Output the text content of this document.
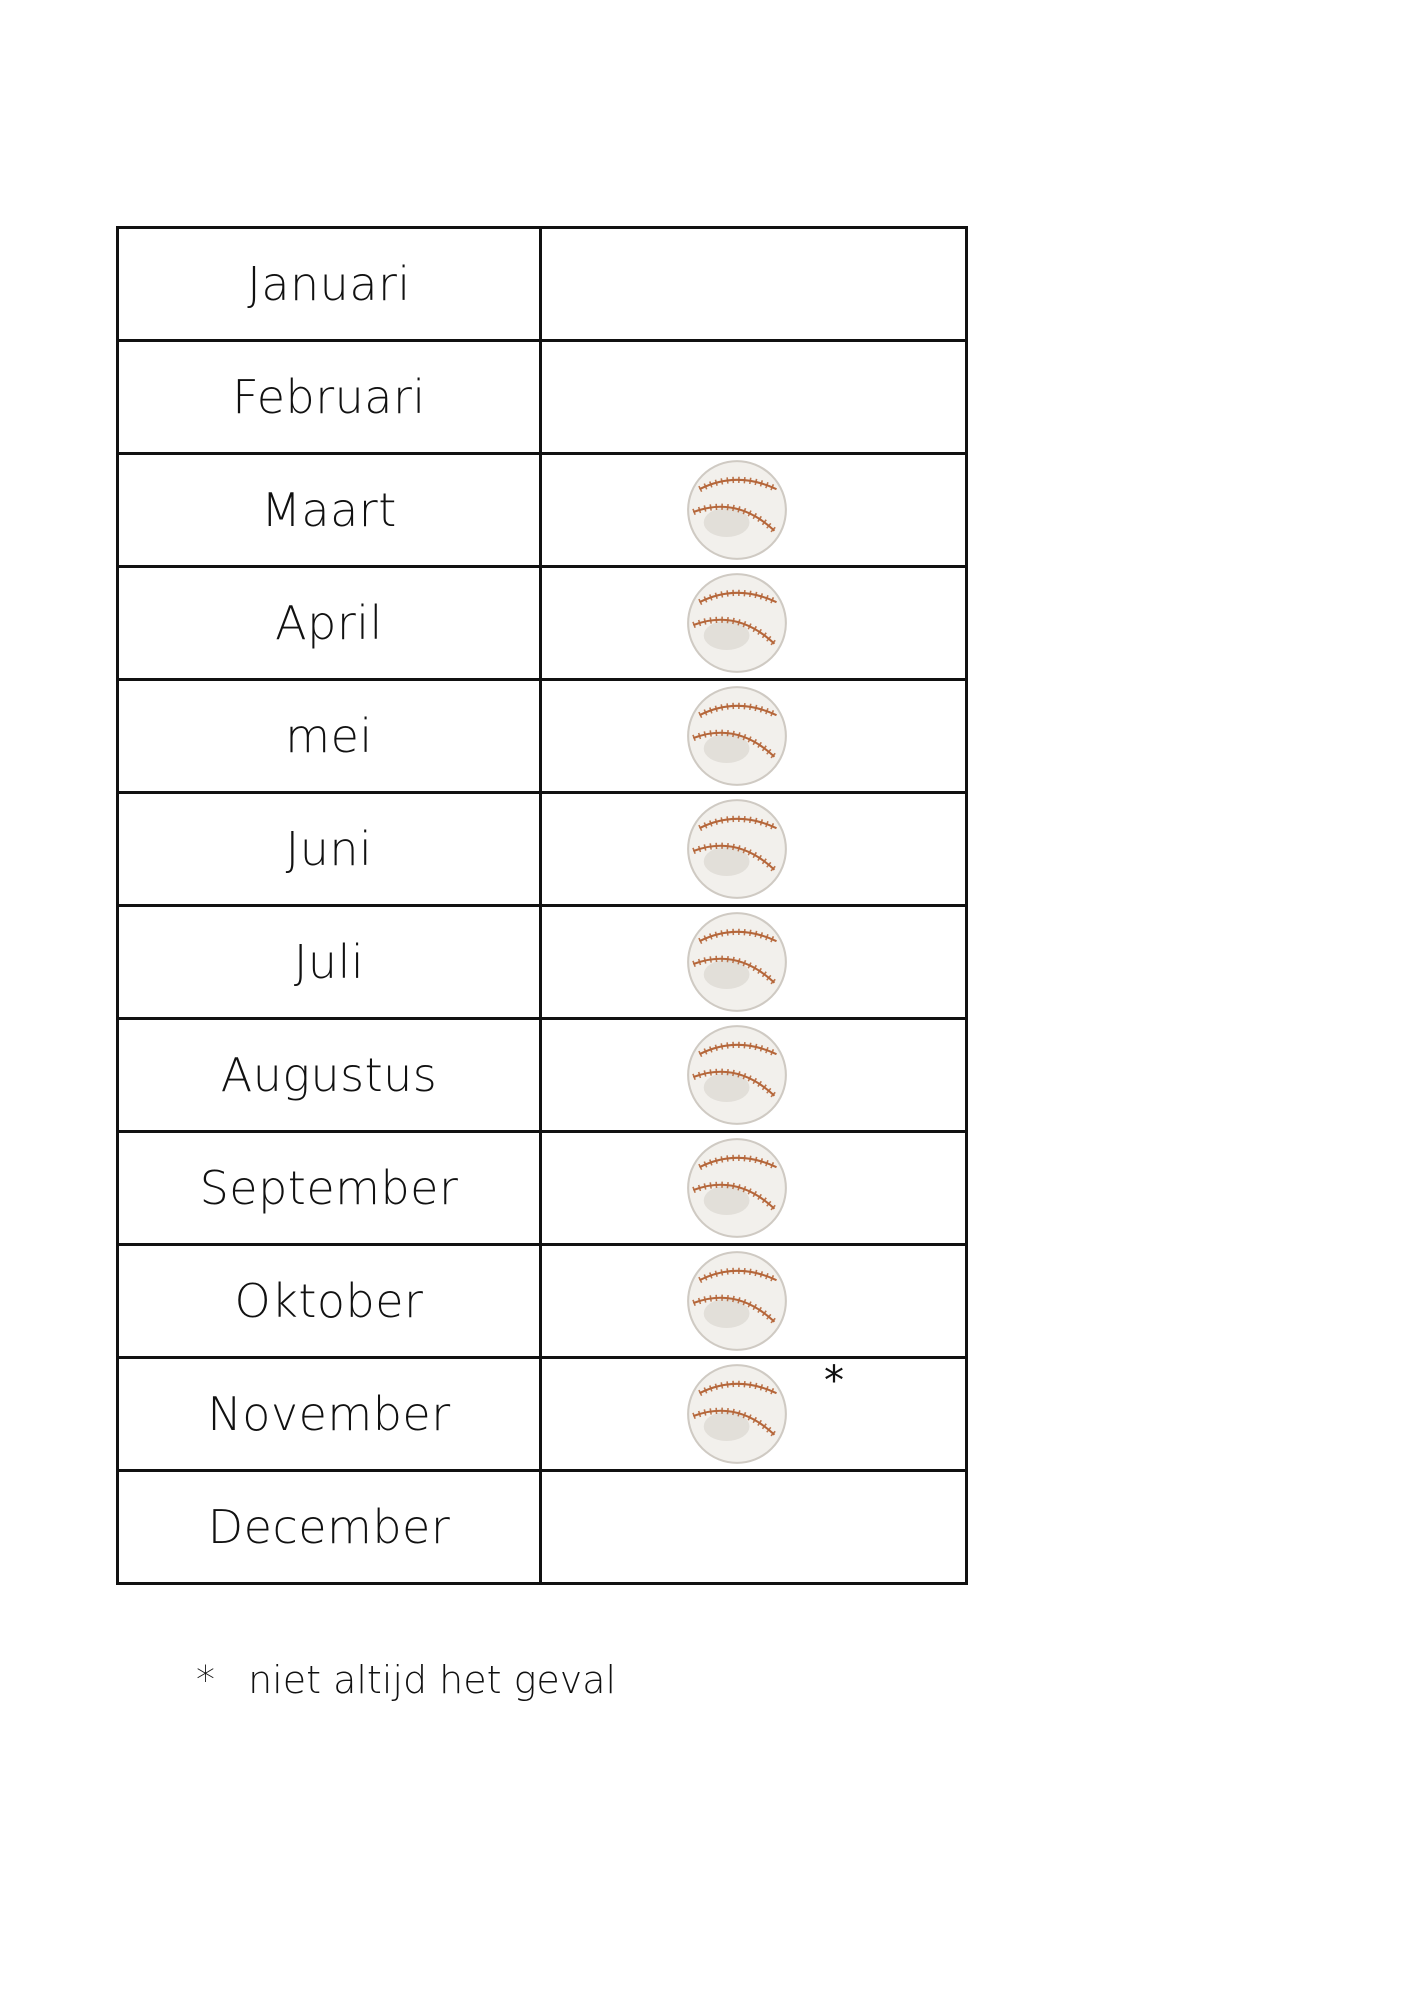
Januari	
Februari	
Maart	

April	

mei	

Juni	

Juli	

Augustus	

September	

Oktober	

November	*

December	
* niet altijd het geval
